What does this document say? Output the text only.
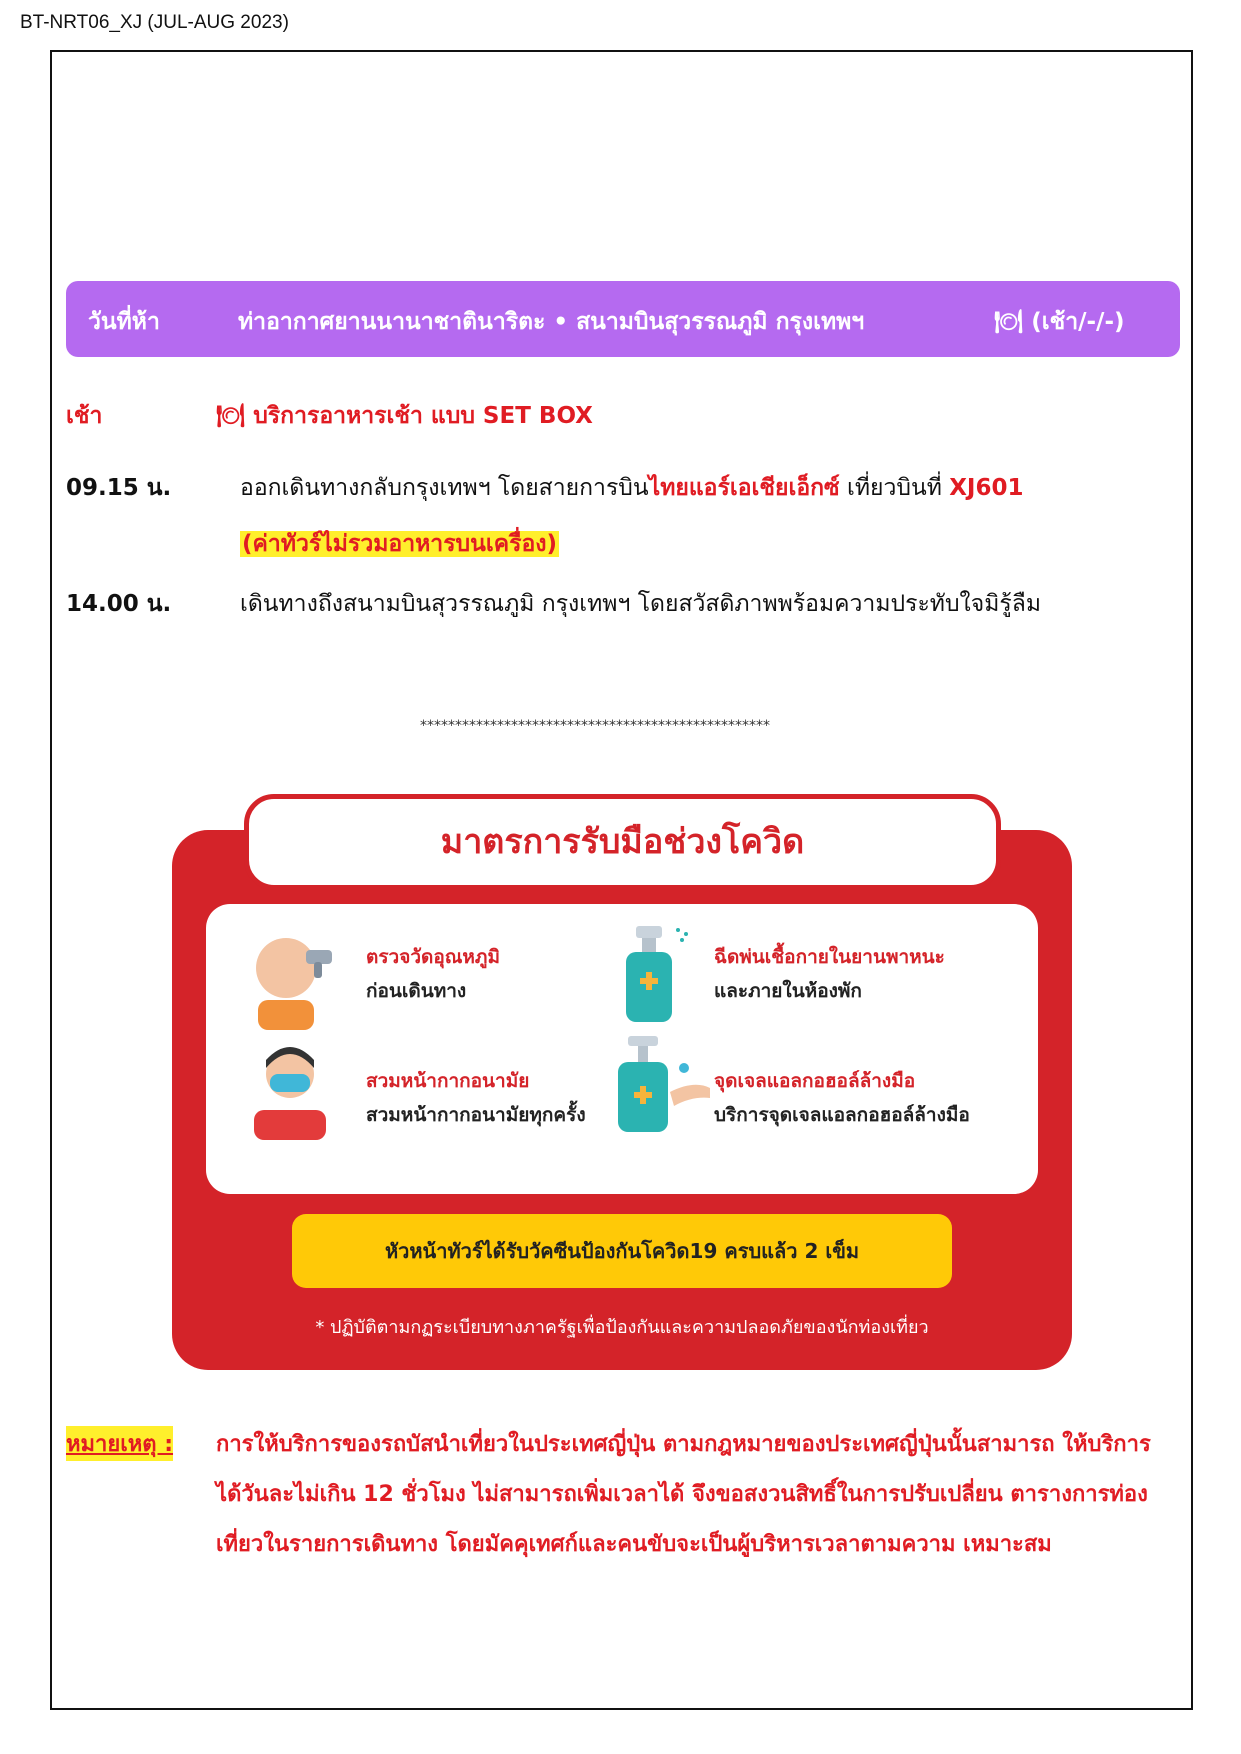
BT-NRT06_XJ (JUL-AUG 2023)
วันที่ห้า	ท่าอากาศยานนานาชาตินาริตะ • สนามบินสุวรรณภูมิ กรุงเทพฯ	🍽 (เช้า/-/-)
เช้า	🍽 บริการอาหารเช้า แบบ SET BOX
09.15 น.	ออกเดินทางกลับกรุงเทพฯ โดยสายการบินไทยแอร์เอเชียเอ็กซ์ เที่ยวบินที่ XJ601
(ค่าทัวร์ไม่รวมอาหารบนเครื่อง)
14.00 น.	เดินทางถึงสนามบินสุวรรณภูมิ กรุงเทพฯ โดยสวัสดิภาพพร้อมความประทับใจมิรู้ลืม
**************************************************
มาตรการรับมือช่วงโควิด
ตรวจวัดอุณหภูมิ
ก่อนเดินทาง
ฉีดพ่นเชื้อกายในยานพาหนะ
และภายในห้องพัก
สวมหน้ากากอนามัย
สวมหน้ากากอนามัยทุกครั้ง
จุดเจลแอลกอฮอล์ล้างมือ
บริการจุดเจลแอลกอฮอล์ล้างมือ
หัวหน้าทัวร์ได้รับวัคซีนป้องกันโควิด19 ครบแล้ว 2 เข็ม
* ปฏิบัติตามกฏระเบียบทางภาครัฐเพื่อป้องกันและความปลอดภัยของนักท่องเที่ยว
หมายเหตุ : การให้บริการของรถบัสนำเที่ยวในประเทศญี่ปุ่น ตามกฎหมายของประเทศญี่ปุ่นนั้นสามารถ ให้บริการได้วันละไม่เกิน 12 ชั่วโมง ไม่สามารถเพิ่มเวลาได้ จึงขอสงวนสิทธิ์ในการปรับเปลี่ยน ตารางการท่องเที่ยวในรายการเดินทาง โดยมัคคุเทศก์และคนขับจะเป็นผู้บริหารเวลาตามความ เหมาะสม
